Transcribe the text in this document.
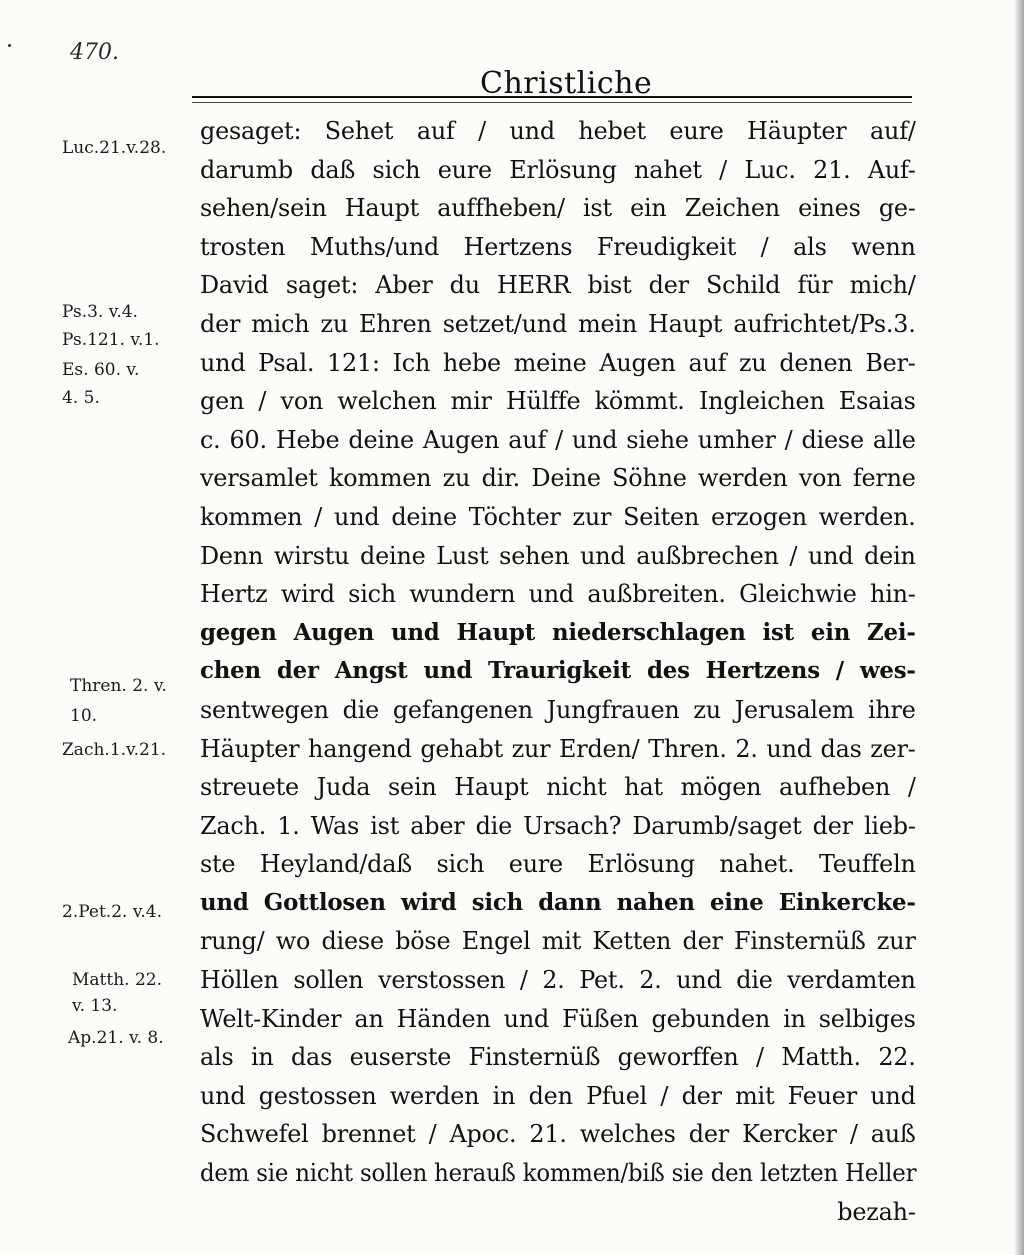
470.
Christliche
Luc.21.v.28.
Ps.3. v.4.
Ps.121. v.1.
Es. 60. v.
4. 5.
Thren. 2. v.
10.
Zach.1.v.21.
2.Pet.2. v.4.
Matth. 22.
v. 13.
Ap.21. v. 8.
gesaget: Sehet auf / und hebet eure Häupter auf/
darumb daß sich eure Erlösung nahet / Luc. 21. Auf-
sehen/sein Haupt auffheben/ ist ein Zeichen eines ge-
trosten Muths/und Hertzens Freudigkeit / als wenn
David saget: Aber du HERR bist der Schild für mich/
der mich zu Ehren setzet/und mein Haupt aufrichtet/Ps.3.
und Psal. 121: Ich hebe meine Augen auf zu denen Ber-
gen / von welchen mir Hülffe kömmt. Ingleichen Esaias
c. 60. Hebe deine Augen auf / und siehe umher / diese alle
versamlet kommen zu dir. Deine Söhne werden von ferne
kommen / und deine Töchter zur Seiten erzogen werden.
Denn wirstu deine Lust sehen und außbrechen / und dein
Hertz wird sich wundern und außbreiten. Gleichwie hin-
gegen Augen und Haupt niederschlagen ist ein Zei-
chen der Angst und Traurigkeit des Hertzens / wes-
sentwegen die gefangenen Jungfrauen zu Jerusalem ihre
Häupter hangend gehabt zur Erden/ Thren. 2. und das zer-
streuete Juda sein Haupt nicht hat mögen aufheben /
Zach. 1. Was ist aber die Ursach? Darumb/saget der lieb-
ste Heyland/daß sich eure Erlösung nahet. Teuffeln
und Gottlosen wird sich dann nahen eine Einkercke-
rung/ wo diese böse Engel mit Ketten der Finsternüß zur
Höllen sollen verstossen / 2. Pet. 2. und die verdamten
Welt-Kinder an Händen und Füßen gebunden in selbiges
als in das euserste Finsternüß geworffen / Matth. 22.
und gestossen werden in den Pfuel / der mit Feuer und
Schwefel brennet / Apoc. 21. welches der Kercker / auß
dem sie nicht sollen herauß kommen/biß sie den letzten Heller
bezah-
